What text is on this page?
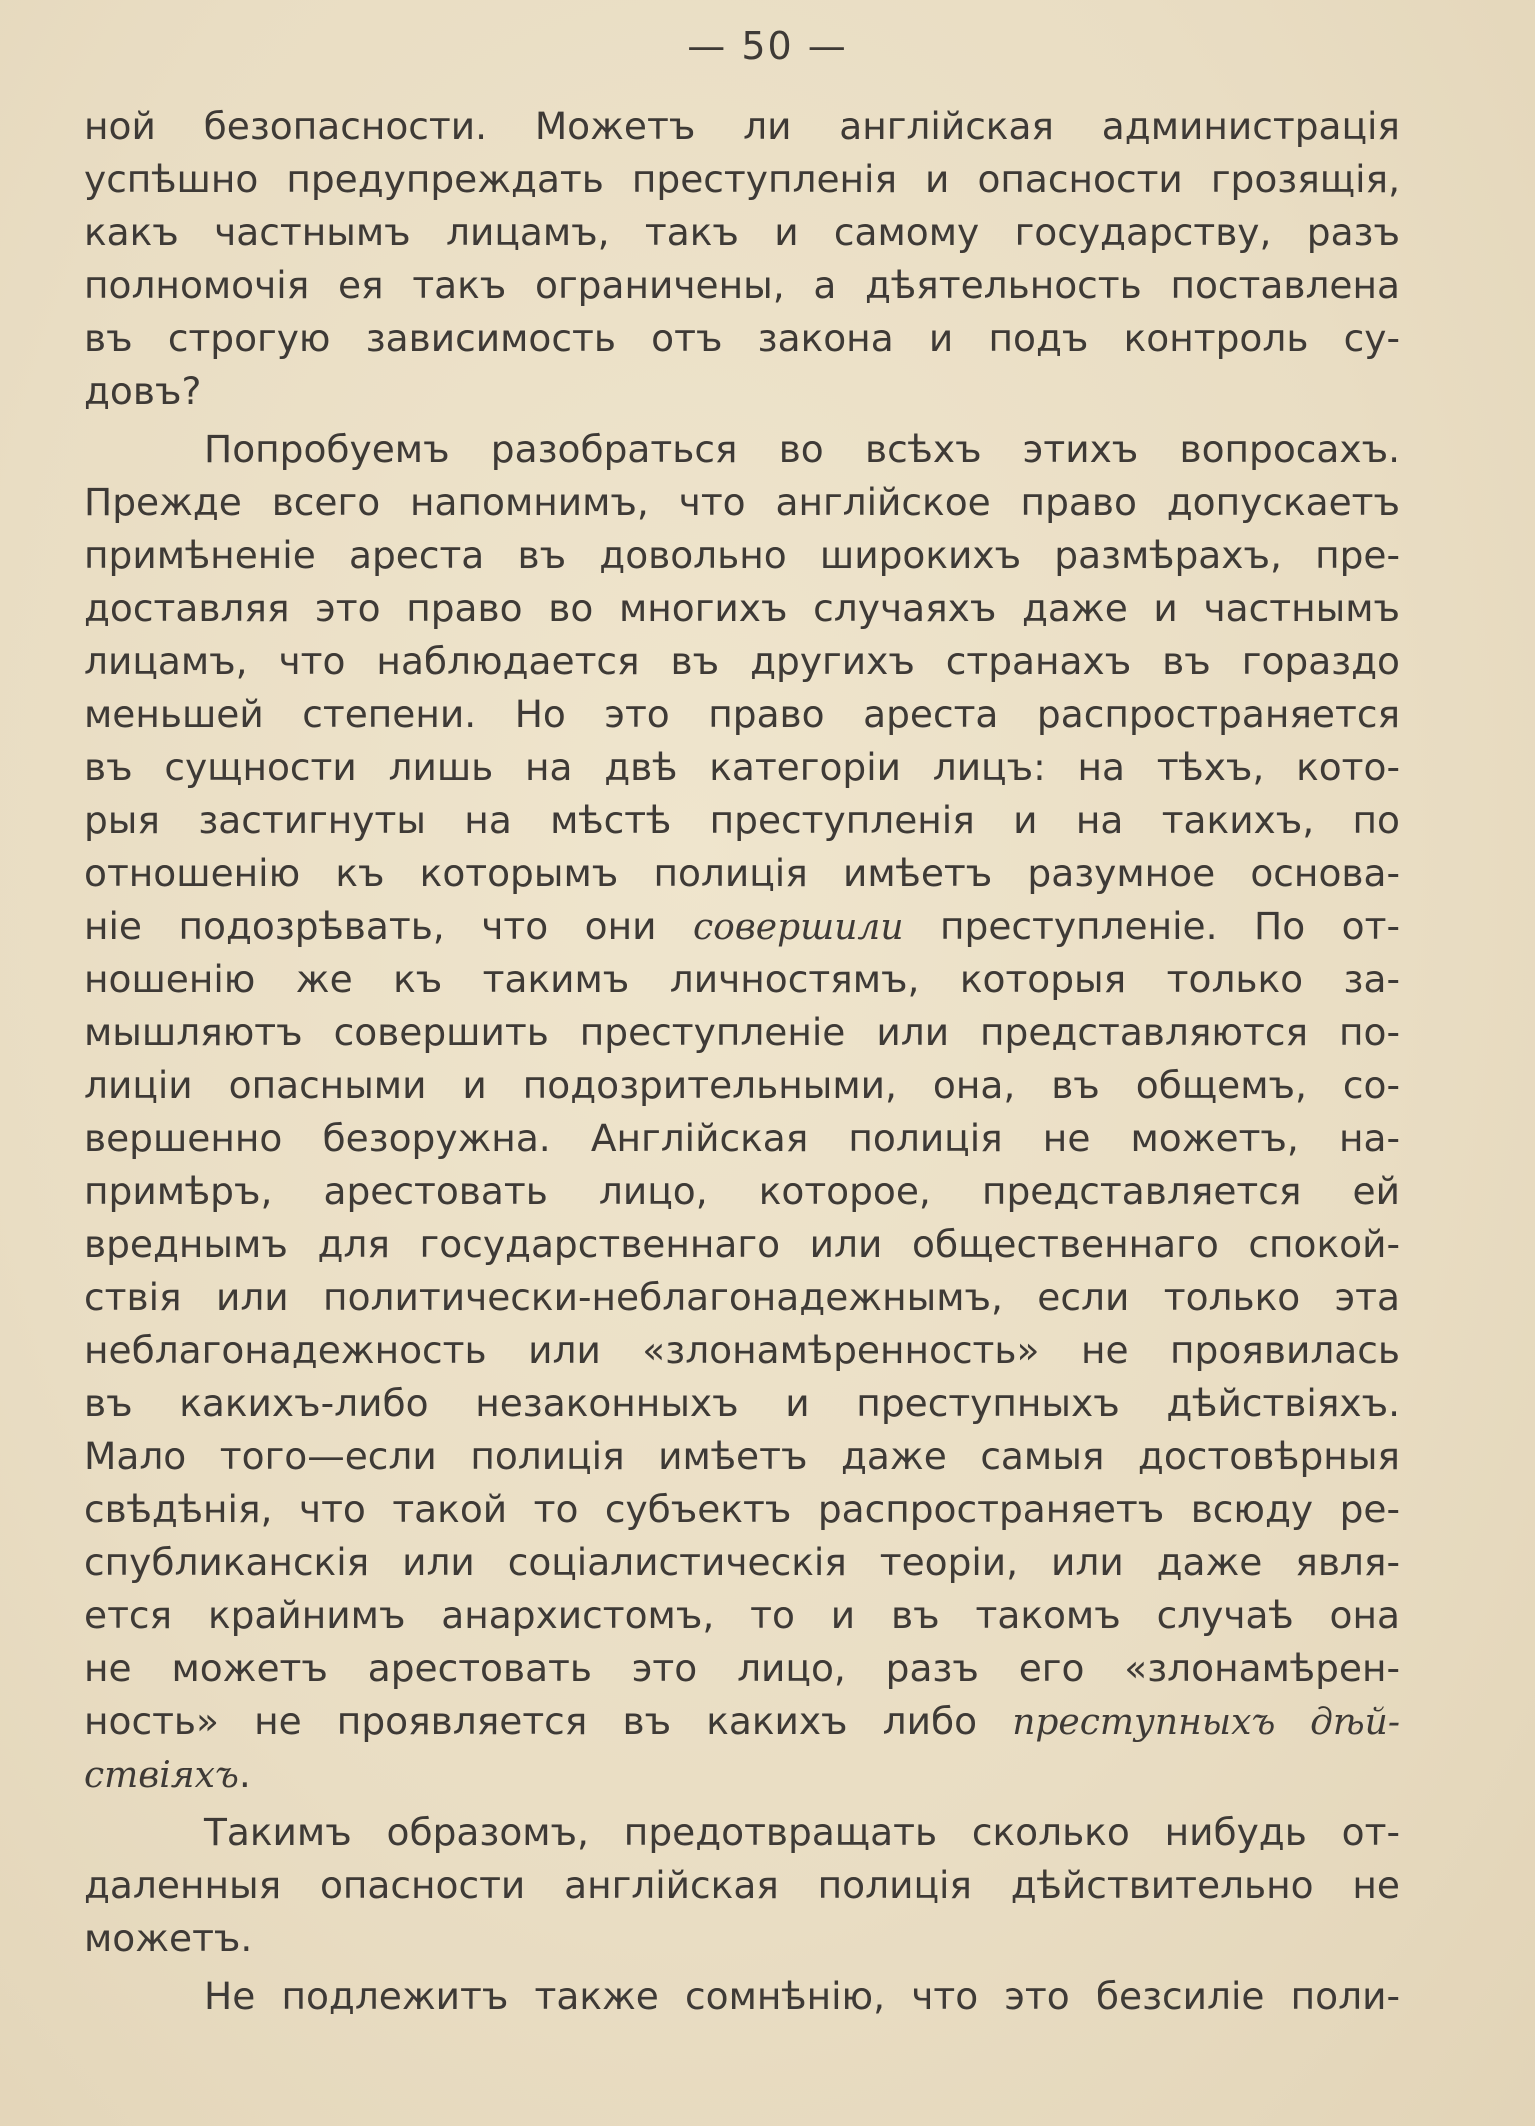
— 50 —
ной безопасности. Можетъ ли англiйская администрацiя
успѣшно предупреждать преступленiя и опасности грозящiя,
какъ частнымъ лицамъ, такъ и самому государству, разъ
полномочiя ея такъ ограничены, а дѣятельность поставлена
въ строгую зависимость отъ закона и подъ контроль су-
довъ?
Попробуемъ разобраться во всѣхъ этихъ вопросахъ.
Прежде всего напомнимъ, что англiйское право допускаетъ
примѣненiе ареста въ довольно широкихъ размѣрахъ, пре-
доставляя это право во многихъ случаяхъ даже и частнымъ
лицамъ, что наблюдается въ другихъ странахъ въ гораздо
меньшей степени. Но это право ареста распространяется
въ сущности лишь на двѣ категорiи лицъ: на тѣхъ, кото-
рыя застигнуты на мѣстѣ преступленiя и на такихъ, по
отношенiю къ которымъ полицiя имѣетъ разумное основа-
нiе подозрѣвать, что они совершили преступленiе. По от-
ношенiю же къ такимъ личностямъ, которыя только за-
мышляютъ совершить преступленiе или представляются по-
лицiи опасными и подозрительными, она, въ общемъ, со-
вершенно безоружна. Англiйская полицiя не можетъ, на-
примѣръ, арестовать лицо, которое, представляется ей
вреднымъ для государственнаго или общественнаго спокой-
ствiя или политически-неблагонадежнымъ, если только эта
неблагонадежность или «злонамѣренность» не проявилась
въ какихъ-либо незаконныхъ и преступныхъ дѣйствiяхъ.
Мало того—если полицiя имѣетъ даже самыя достовѣрныя
свѣдѣнiя, что такой то субъектъ распространяетъ всюду ре-
спубликанскiя или соцiалистическiя теорiи, или даже явля-
ется крайнимъ анархистомъ, то и въ такомъ случаѣ она
не можетъ арестовать это лицо, разъ его «злонамѣрен-
ность» не проявляется въ какихъ либо преступныхъ дѣй-
ствiяхъ.
Такимъ образомъ, предотвращать сколько нибудь от-
даленныя опасности англiйская полицiя дѣйствительно не
можетъ.
Не подлежитъ также сомнѣнiю, что это безсилiе поли-
